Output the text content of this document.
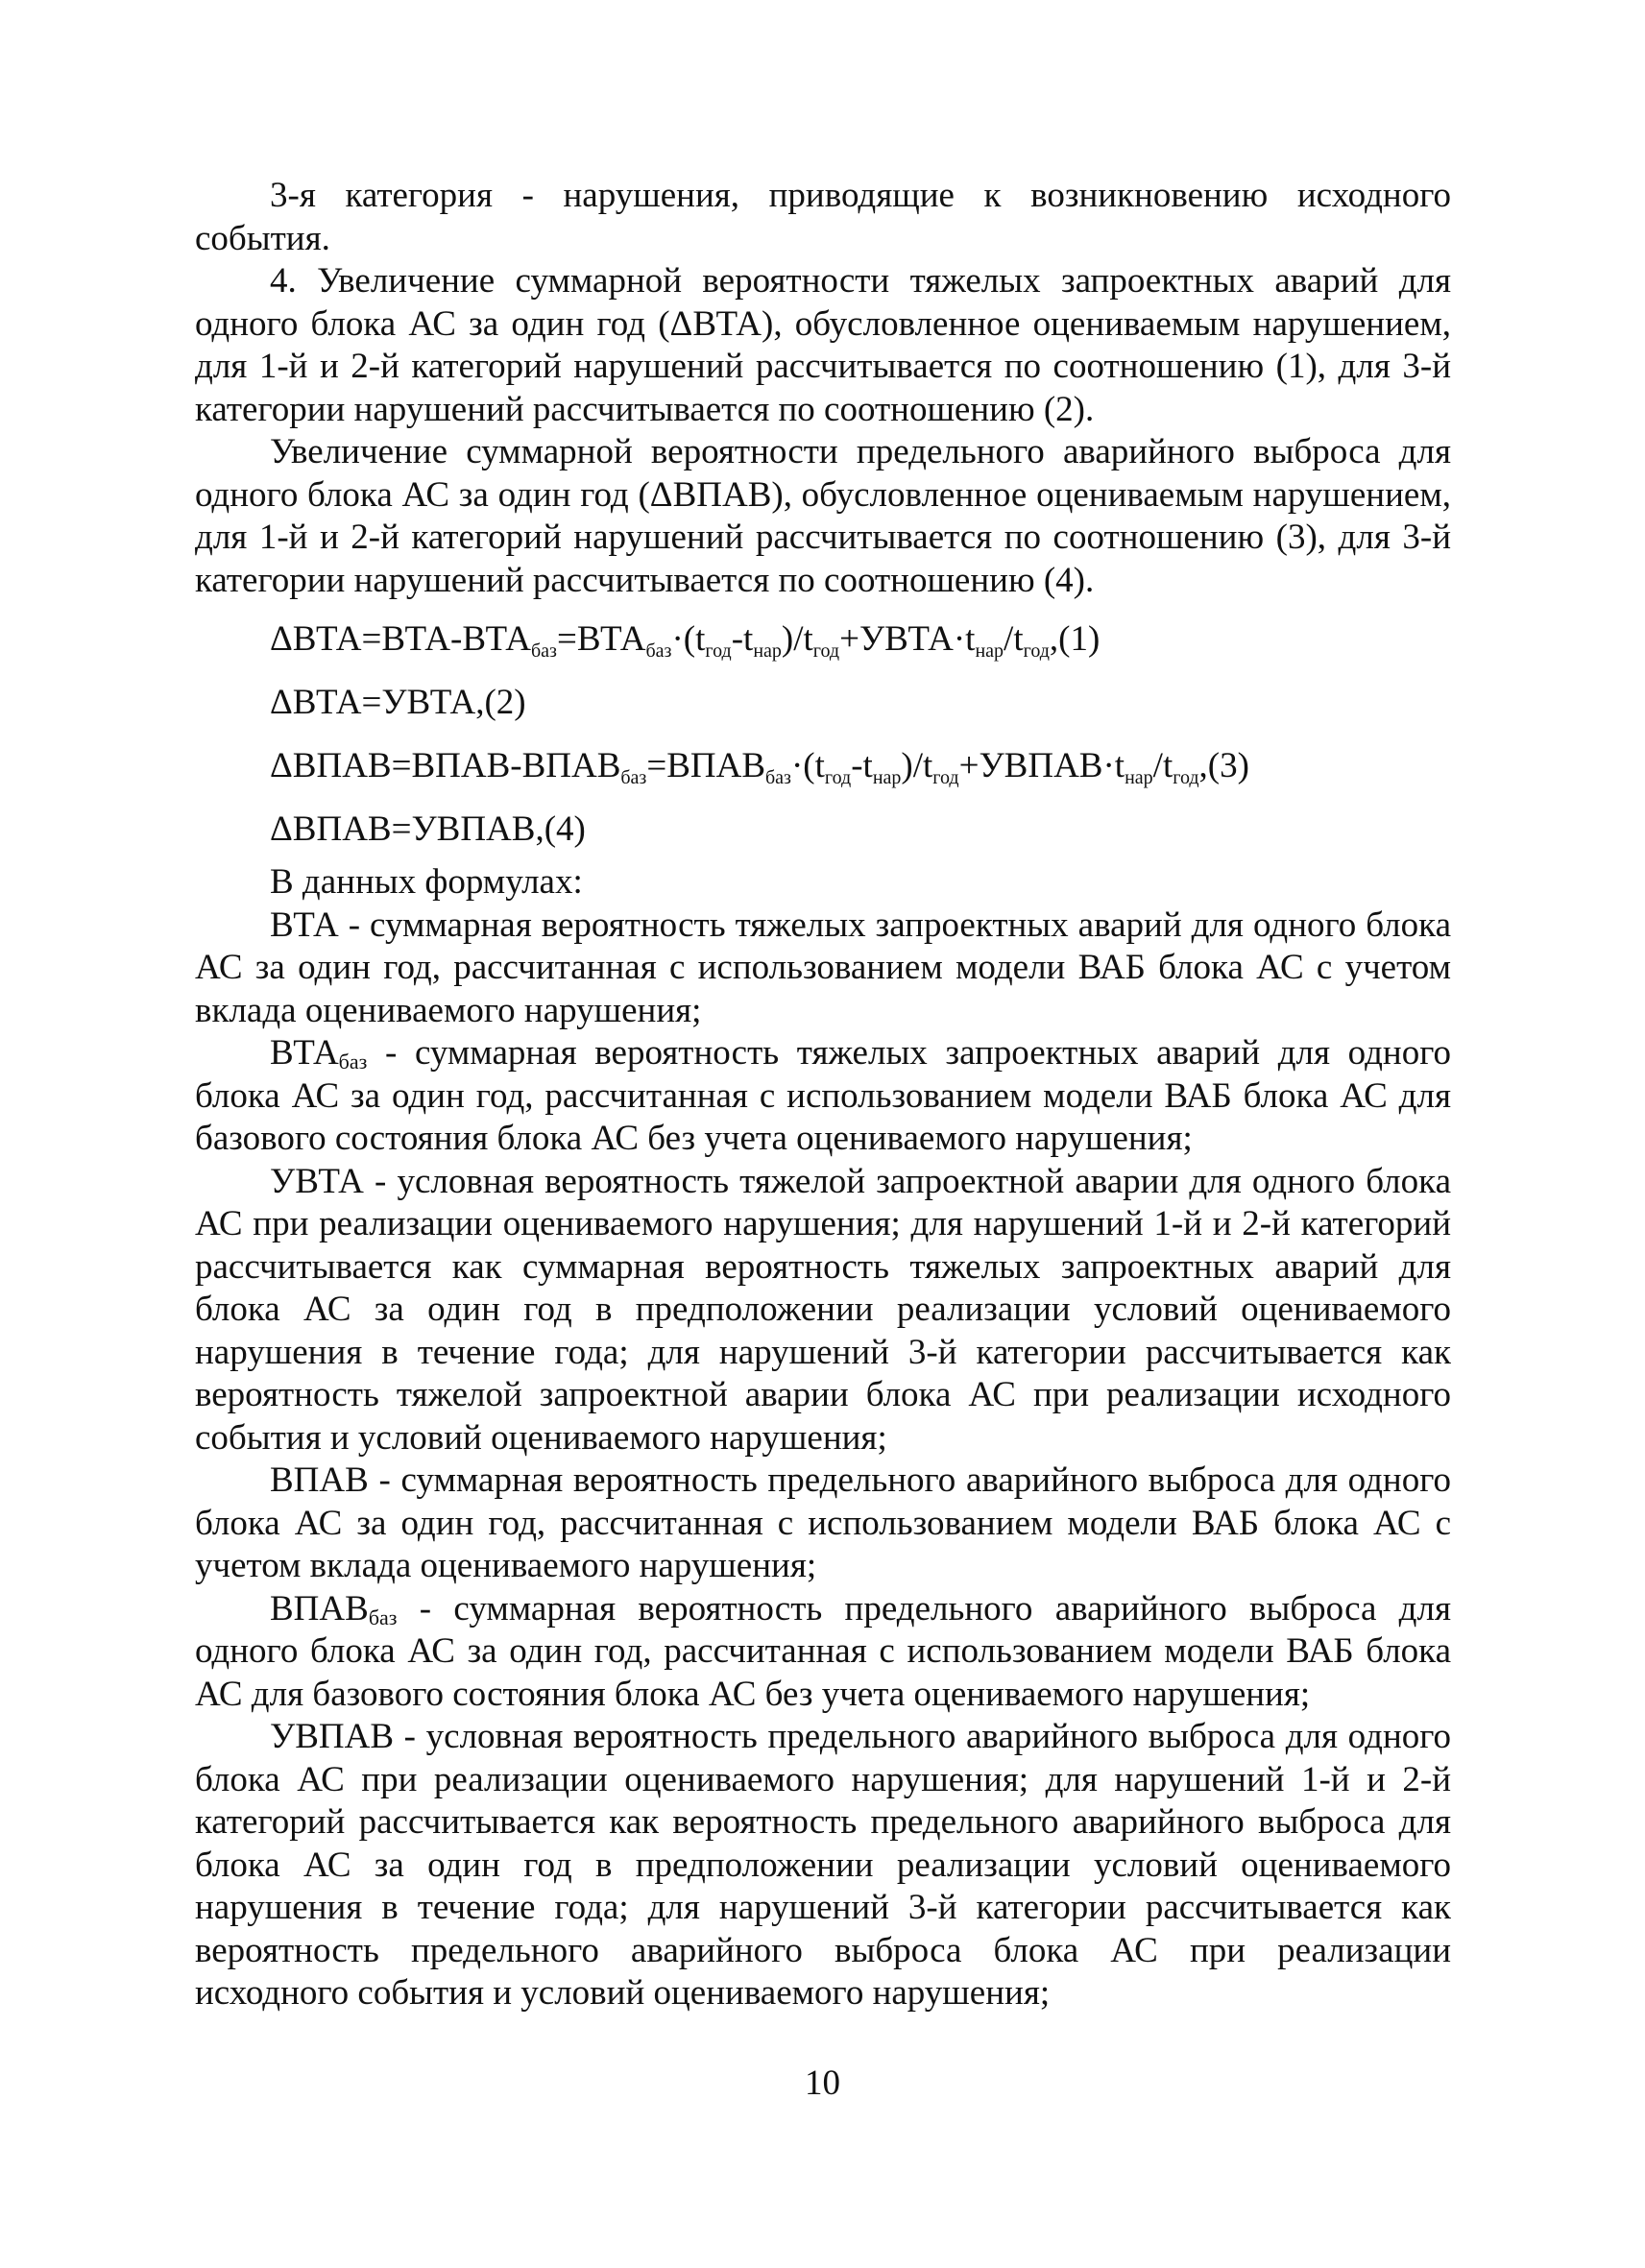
3-я категория - нарушения, приводящие к возникновению исходного события.

4. Увеличение суммарной вероятности тяжелых запроектных аварий для одного блока АС за один год (ΔВТА), обусловленное оцениваемым нарушением, для 1-й и 2-й категорий нарушений рассчитывается по соотношению (1), для 3-й категории нарушений рассчитывается по соотношению (2).

Увеличение суммарной вероятности предельного аварийного выброса для одного блока АС за один год (ΔВПАВ), обусловленное оцениваемым нарушением, для 1-й и 2-й категорий нарушений рассчитывается по соотношению (3), для 3-й категории нарушений рассчитывается по соотношению (4).

$\Delta ВТА=ВТА-ВТА_{баз}=ВТА_{баз}\cdot(t_{год}-t_{нар})/t_{год}+УВТА\cdot t_{нар}/t_{год},(1)$
ΔВТА=УВТА,(2)
$\Delta ВПАВ=ВПАВ-ВПАВ_{баз}=ВПАВ_{баз}\cdot(t_{год}-t_{нар})/t_{год}+УВПАВ\cdot t_{нар}/t_{год},(3)$
ΔВПАВ=УВПАВ,(4)

В данных формулах:

ВТА - суммарная вероятность тяжелых запроектных аварий для одного блока АС за один год, рассчитанная с использованием модели ВАБ блока АС с учетом вклада оцениваемого нарушения;

$ВТА_{баз}$ - суммарная вероятность тяжелых запроектных аварий для одного блока АС за один год, рассчитанная с использованием модели ВАБ блока АС для базового состояния блока АС без учета оцениваемого нарушения;

УВТА - условная вероятность тяжелой запроектной аварии для одного блока АС при реализации оцениваемого нарушения; для нарушений 1-й и 2-й категорий рассчитывается как суммарная вероятность тяжелых запроектных аварий для блока АС за один год в предположении реализации условий оцениваемого нарушения в течение года; для нарушений 3-й категории рассчитывается как вероятность тяжелой запроектной аварии блока АС при реализации исходного события и условий оцениваемого нарушения;

ВПАВ - суммарная вероятность предельного аварийного выброса для одного блока АС за один год, рассчитанная с использованием модели ВАБ блока АС с учетом вклада оцениваемого нарушения;

$ВПАВ_{баз}$ - суммарная вероятность предельного аварийного выброса для одного блока АС за один год, рассчитанная с использованием модели ВАБ блока АС для базового состояния блока АС без учета оцениваемого нарушения;

УВПАВ - условная вероятность предельного аварийного выброса для одного блока АС при реализации оцениваемого нарушения; для нарушений 1-й и 2-й категорий рассчитывается как вероятность предельного аварийного выброса для блока АС за один год в предположении реализации условий оцениваемого нарушения в течение года; для нарушений 3-й категории рассчитывается как вероятность предельного аварийного выброса блока АС при реализации исходного события и условий оцениваемого нарушения;

10
